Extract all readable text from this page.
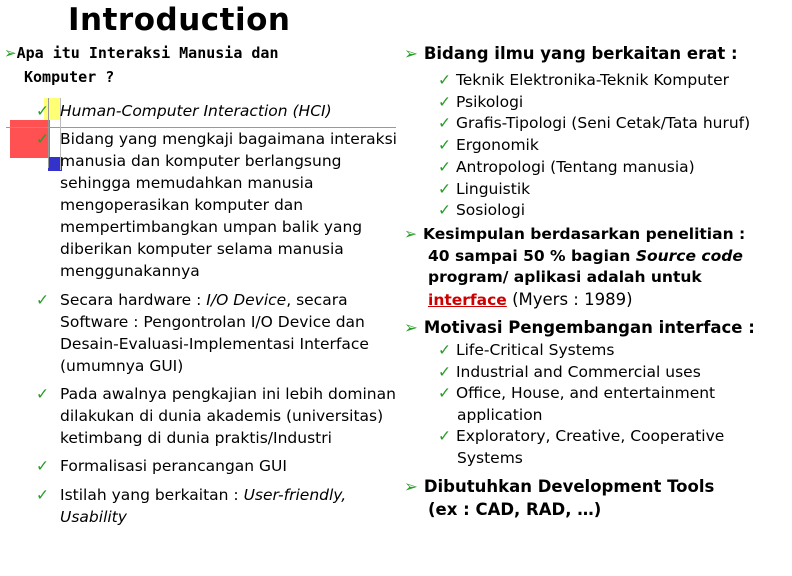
Introduction
➢Apa itu Interaksi Manusia dan
Komputer ?
✓ Human-Computer Interaction (HCI)
✓ Bidang yang mengkaji bagaimana interaksi
manusia dan komputer berlangsung
sehingga memudahkan manusia
mengoperasikan komputer dan
mempertimbangkan umpan balik yang
diberikan komputer selama manusia
menggunakannya
✓ Secara hardware : I/O Device, secara
Software : Pengontrolan I/O Device dan
Desain-Evaluasi-Implementasi Interface
(umumnya GUI)
✓ Pada awalnya pengkajian ini lebih dominan
dilakukan di dunia akademis (universitas)
ketimbang di dunia praktis/Industri
✓ Formalisasi perancangan GUI
✓ Istilah yang berkaitan : User-friendly,
Usability
➢ Bidang ilmu yang berkaitan erat :
✓ Teknik Elektronika-Teknik Komputer
✓ Psikologi
✓ Grafis-Tipologi (Seni Cetak/Tata huruf)
✓ Ergonomik
✓ Antropologi (Tentang manusia)
✓ Linguistik
✓ Sosiologi
➢ Kesimpulan berdasarkan penelitian :
40 sampai 50 % bagian Source code
program/ aplikasi adalah untuk
interface (Myers : 1989)
➢ Motivasi Pengembangan interface :
✓ Life-Critical Systems
✓ Industrial and Commercial uses
✓ Office, House, and entertainment
application
✓ Exploratory, Creative, Cooperative
Systems
➢ Dibutuhkan Development Tools
(ex : CAD, RAD, …)
